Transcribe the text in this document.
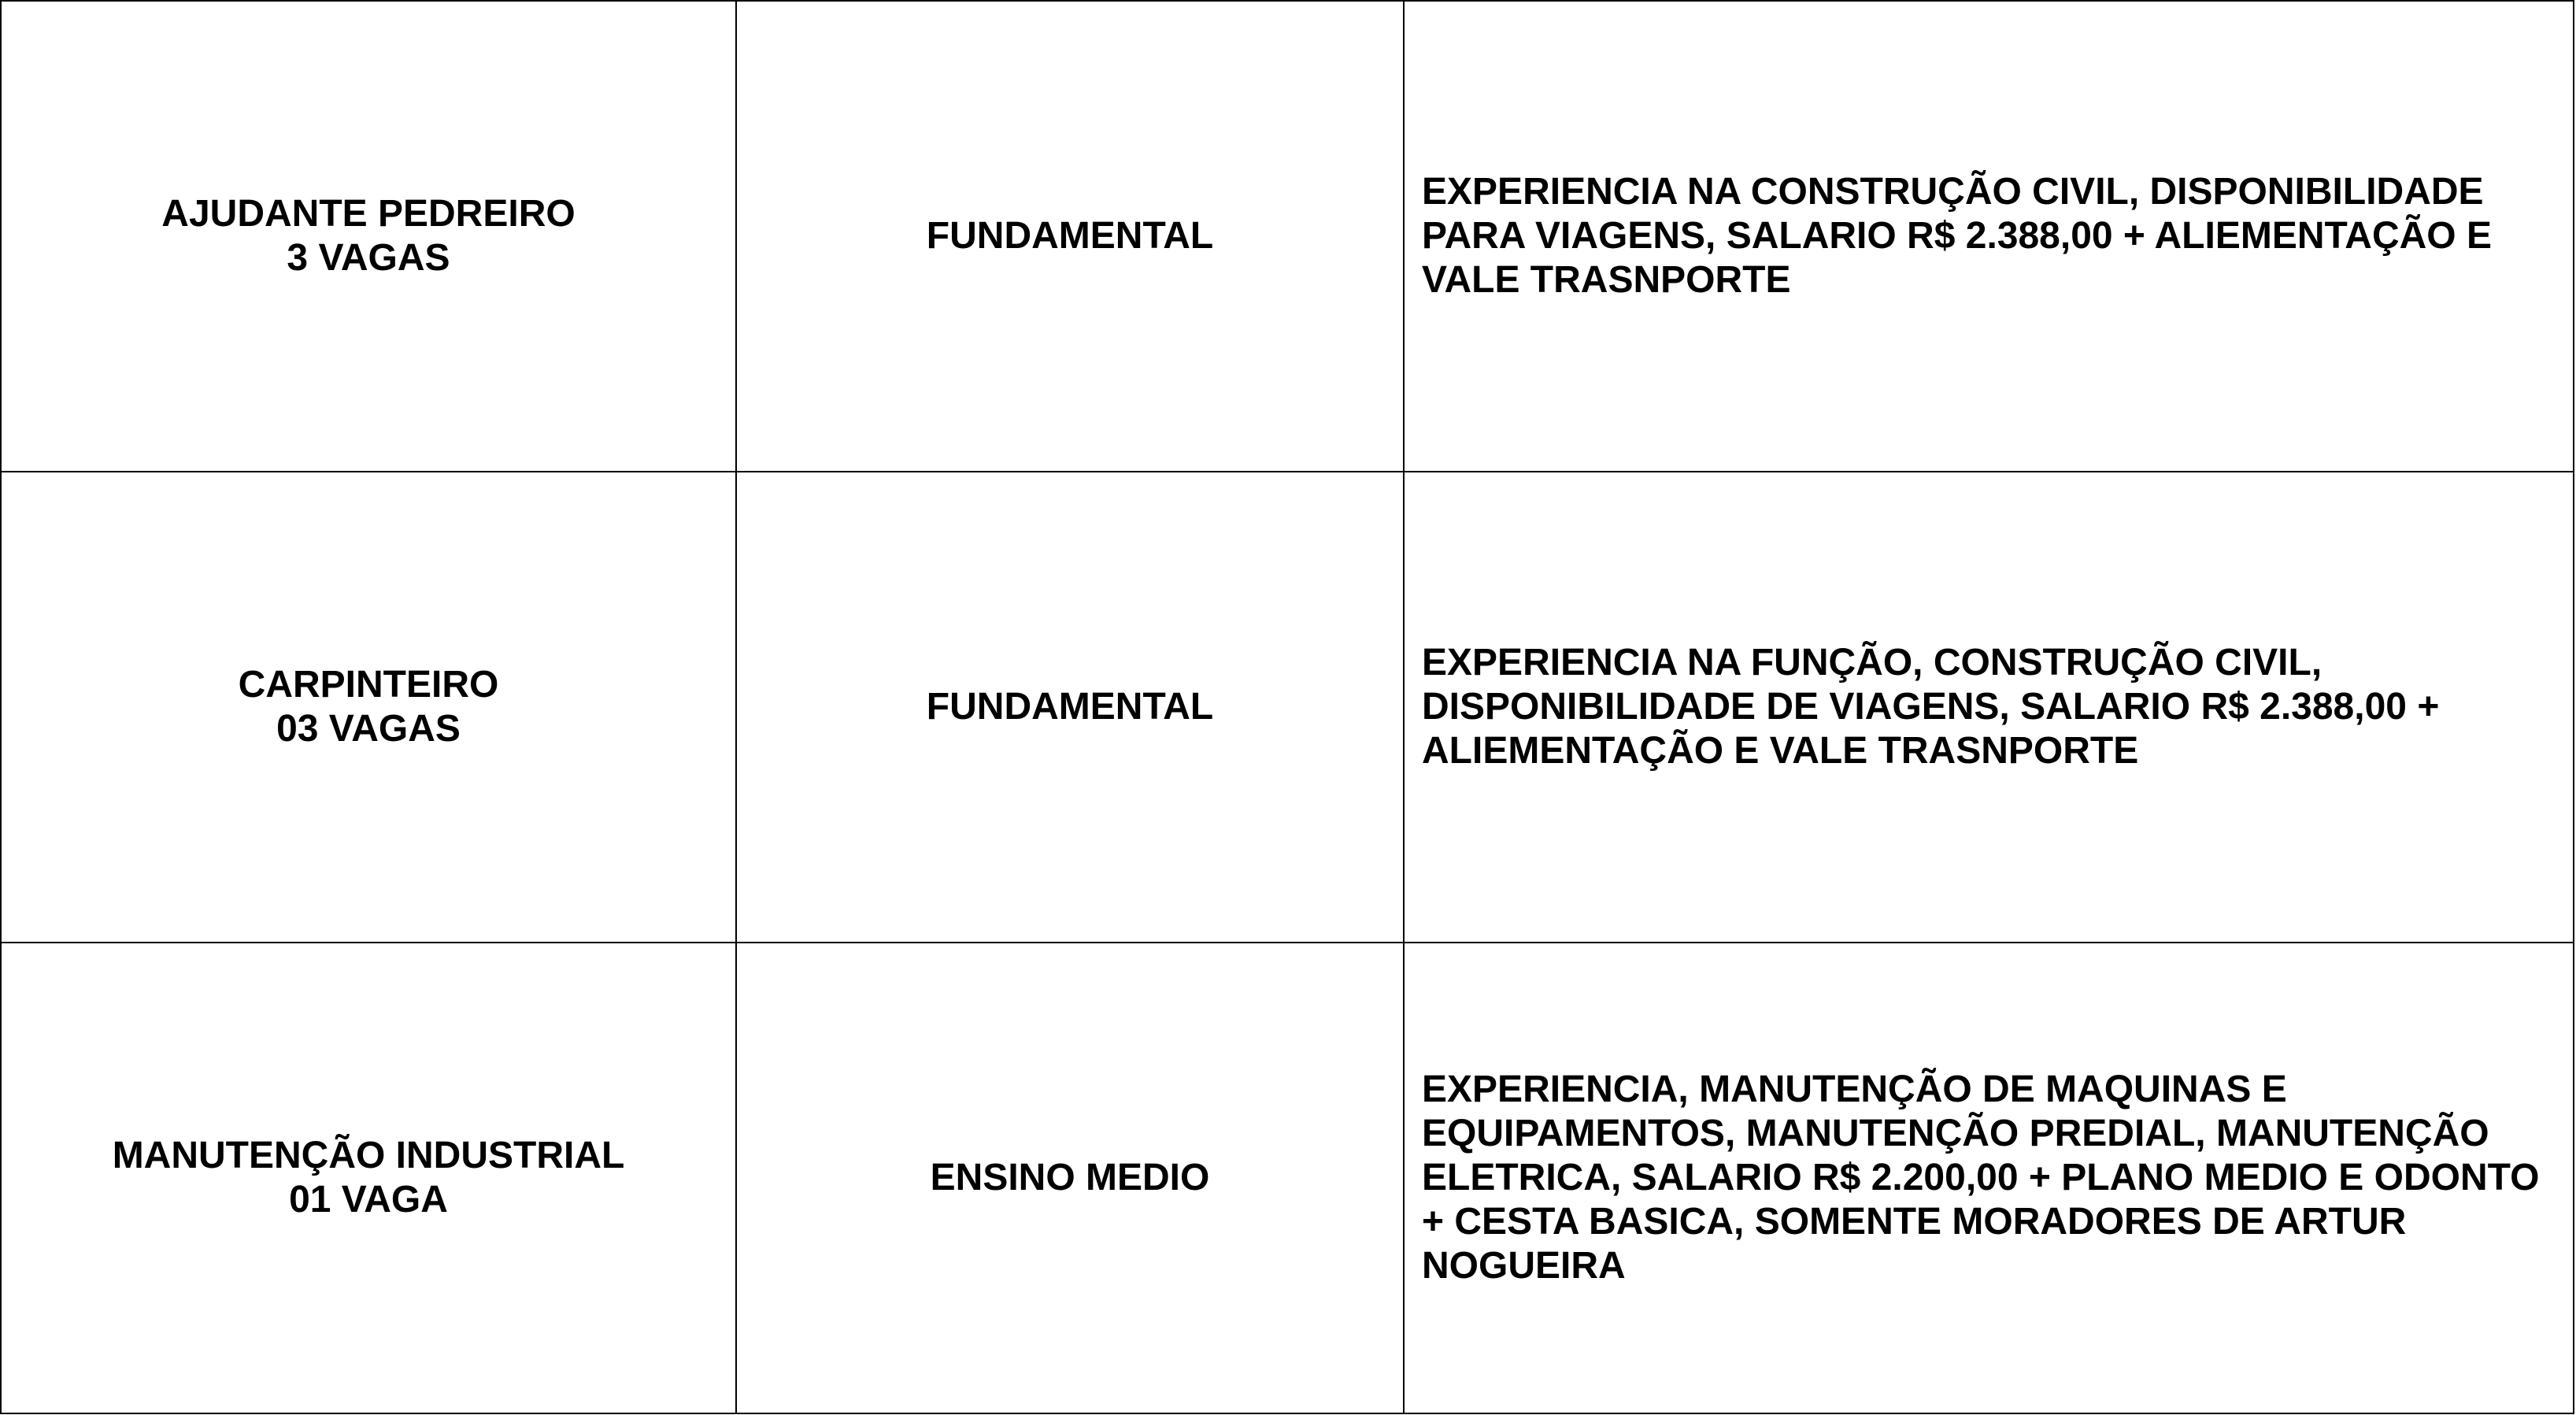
AJUDANTE PEDREIRO
3 VAGAS	FUNDAMENTAL	EXPERIENCIA NA CONSTRUÇÃO CIVIL, DISPONIBILIDADE PARA VIAGENS, SALARIO R$ 2.388,00 + ALIEMENTAÇÃO E VALE TRASNPORTE

CARPINTEIRO
03 VAGAS	FUNDAMENTAL	EXPERIENCIA NA FUNÇÃO, CONSTRUÇÃO CIVIL, DISPONIBILIDADE DE VIAGENS, SALARIO R$ 2.388,00 + ALIEMENTAÇÃO E VALE TRASNPORTE

MANUTENÇÃO INDUSTRIAL
01 VAGA	ENSINO MEDIO	EXPERIENCIA, MANUTENÇÃO DE MAQUINAS E EQUIPAMENTOS, MANUTENÇÃO PREDIAL, MANUTENÇÃO ELETRICA, SALARIO R$ 2.200,00 + PLANO MEDIO E ODONTO + CESTA BASICA, SOMENTE MORADORES DE ARTUR NOGUEIRA
